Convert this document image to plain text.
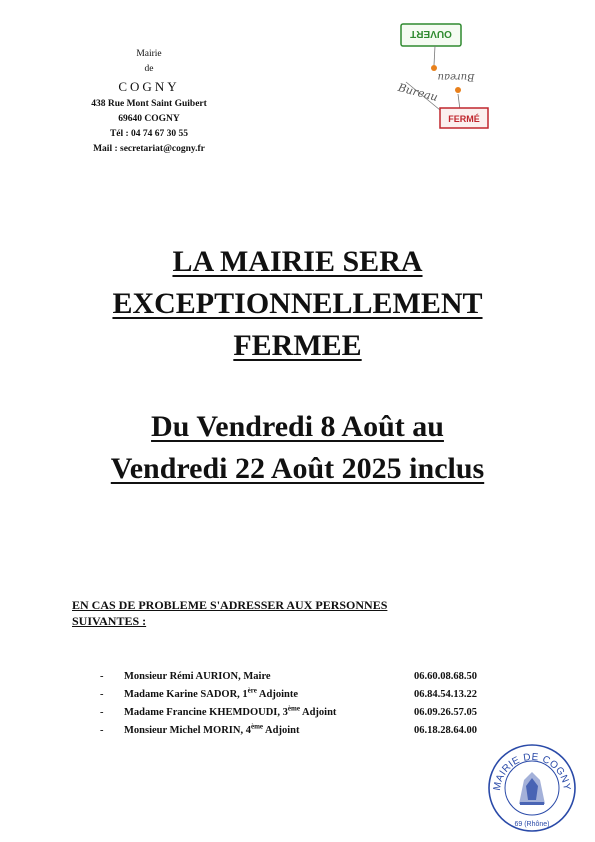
Mairie
de
COGNY
438 Rue Mont Saint Guibert
69640 COGNY
Tél : 04 74 67 30 55
Mail : secretariat@cogny.fr
OUVERT
Bureau
Bureau
FERMÉ
LA MAIRIE SERA
EXCEPTIONNELLEMENT
FERMEE
Du Vendredi 8 Août au
Vendredi 22 Août 2025 inclus
EN CAS DE PROBLEME S'ADRESSER AUX PERSONNES
SUIVANTES :
-	Monsieur Rémi AURION, Maire	06.60.08.68.50
-	Madame Karine SADOR, 1ère Adjointe	06.84.54.13.22
-	Madame Francine KHEMDOUDI, 3ème Adjoint	06.09.26.57.05
-	Monsieur Michel MORIN, 4ème Adjoint	06.18.28.64.00
MAIRIE DE COGNY
69 (Rhône)
